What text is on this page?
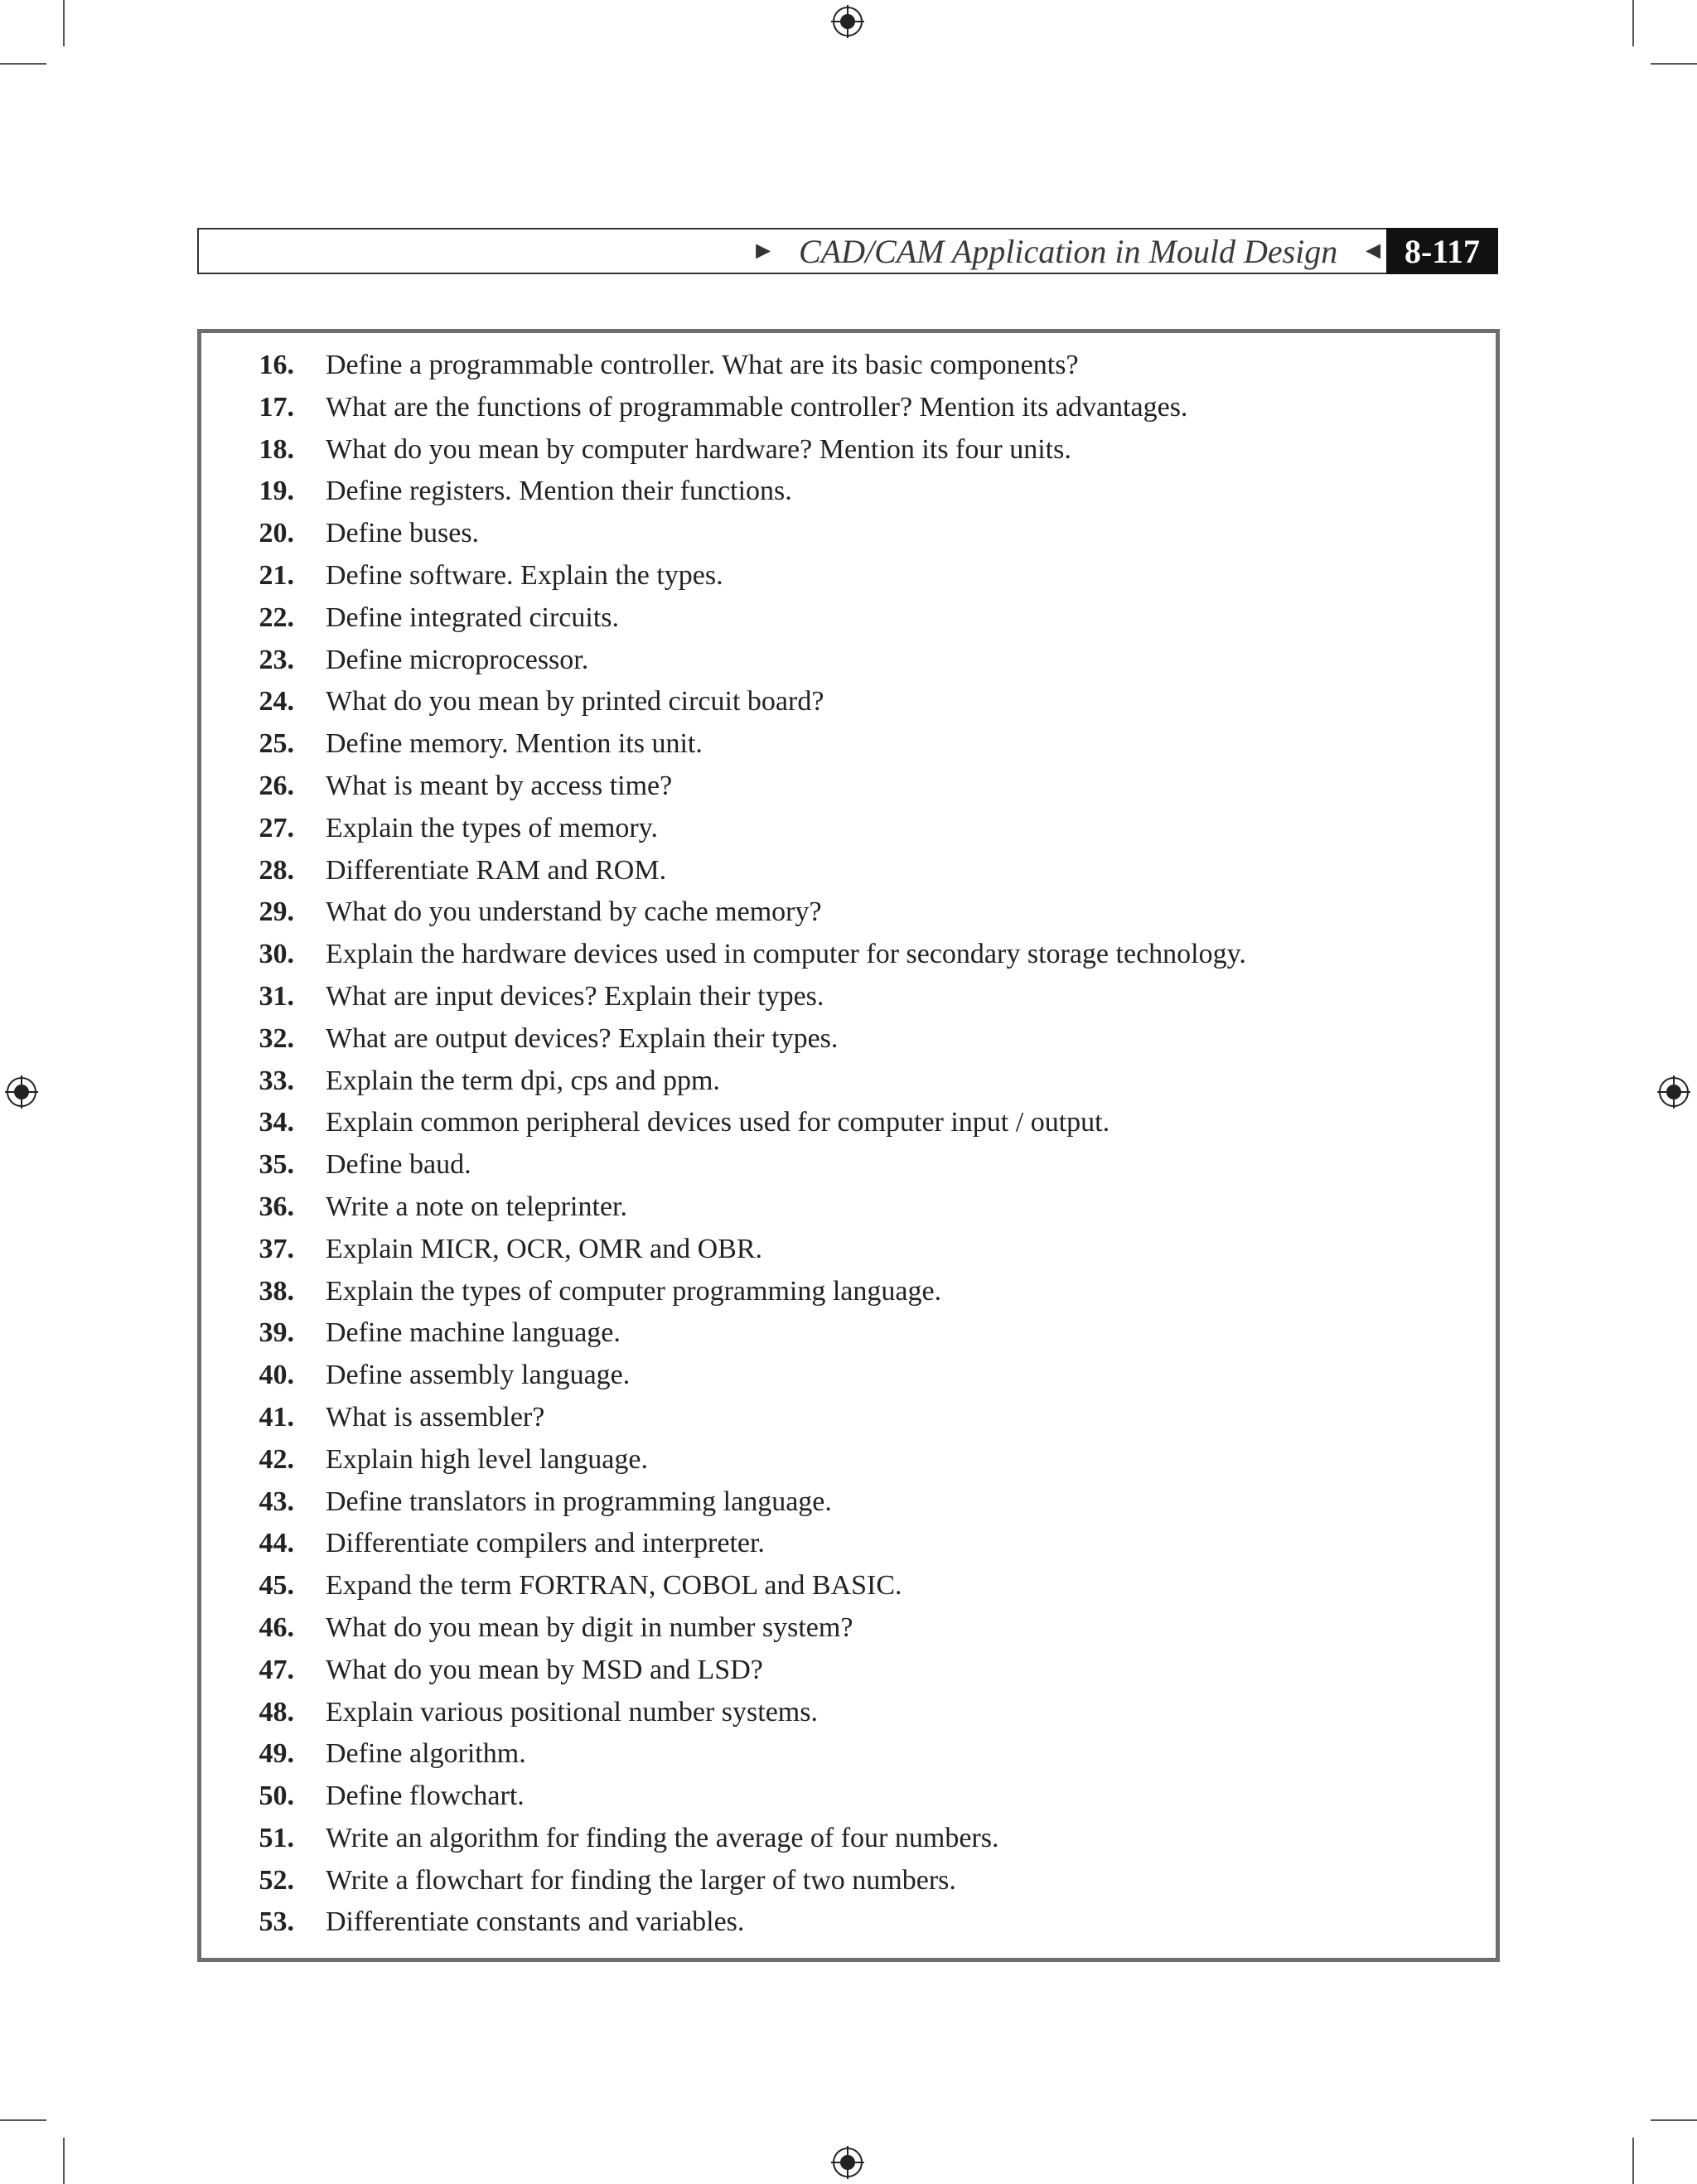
► CAD/CAM Application in Mould Design ◄ 8-117
16. Define a programmable controller. What are its basic components?
17. What are the functions of programmable controller? Mention its advantages.
18. What do you mean by computer hardware? Mention its four units.
19. Define registers. Mention their functions.
20. Define buses.
21. Define software. Explain the types.
22. Define integrated circuits.
23. Define microprocessor.
24. What do you mean by printed circuit board?
25. Define memory. Mention its unit.
26. What is meant by access time?
27. Explain the types of memory.
28. Differentiate RAM and ROM.
29. What do you understand by cache memory?
30. Explain the hardware devices used in computer for secondary storage technology.
31. What are input devices? Explain their types.
32. What are output devices? Explain their types.
33. Explain the term dpi, cps and ppm.
34. Explain common peripheral devices used for computer input / output.
35. Define baud.
36. Write a note on teleprinter.
37. Explain MICR, OCR, OMR and OBR.
38. Explain the types of computer programming language.
39. Define machine language.
40. Define assembly language.
41. What is assembler?
42. Explain high level language.
43. Define translators in programming language.
44. Differentiate compilers and interpreter.
45. Expand the term FORTRAN, COBOL and BASIC.
46. What do you mean by digit in number system?
47. What do you mean by MSD and LSD?
48. Explain various positional number systems.
49. Define algorithm.
50. Define flowchart.
51. Write an algorithm for finding the average of four numbers.
52. Write a flowchart for finding the larger of two numbers.
53. Differentiate constants and variables.
